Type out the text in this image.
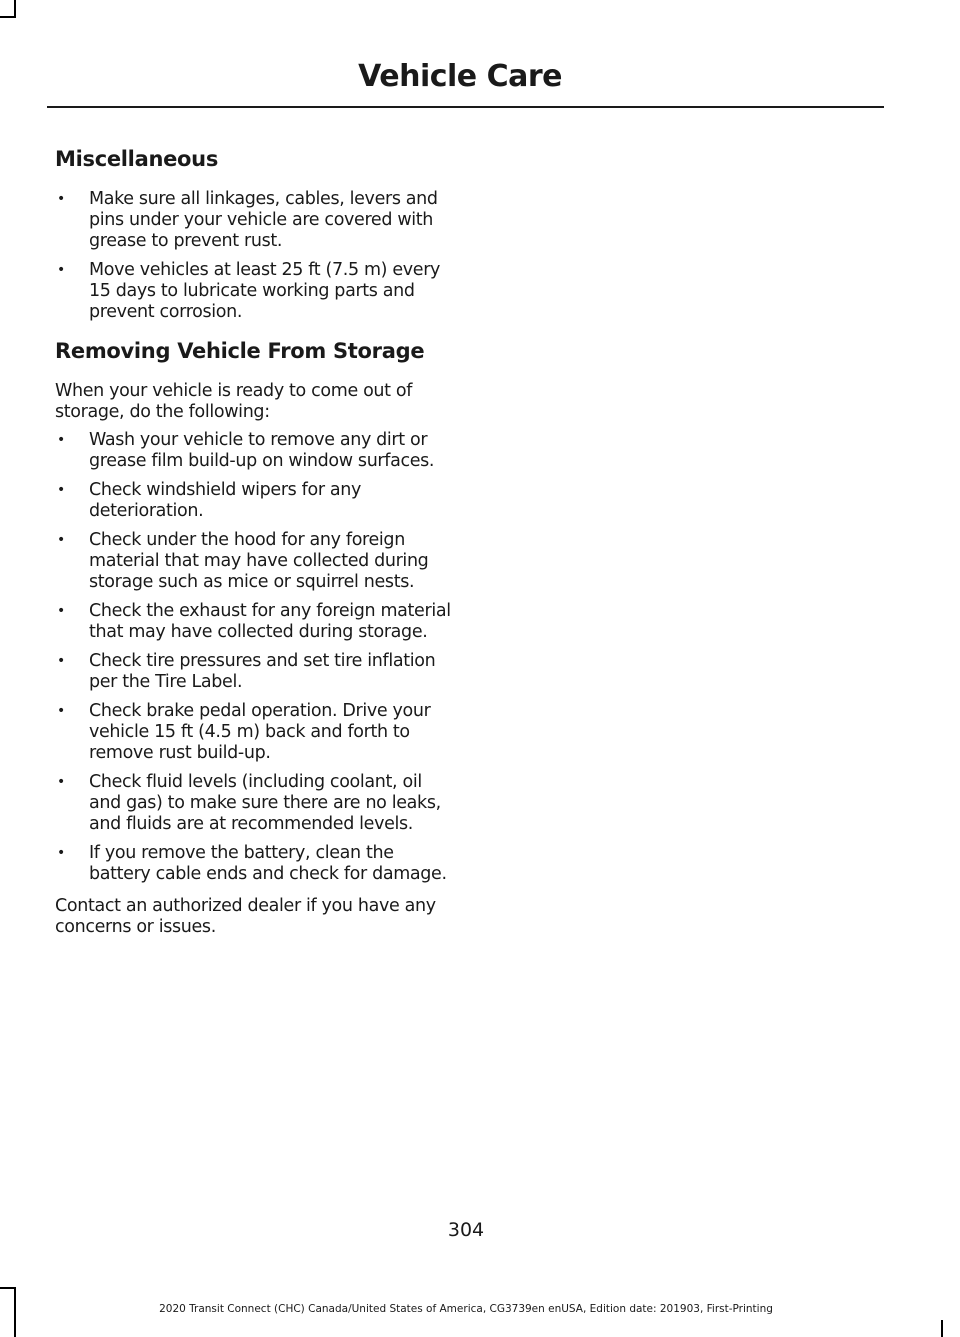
Vehicle Care
Miscellaneous
• Make sure all linkages, cables, levers and pins under your vehicle are covered with grease to prevent rust.
• Move vehicles at least 25 ft (7.5 m) every 15 days to lubricate working parts and prevent corrosion.
Removing Vehicle From Storage

When your vehicle is ready to come out of storage, do the following:

• Wash your vehicle to remove any dirt or grease film build-up on window surfaces.
• Check windshield wipers for any deterioration.
• Check under the hood for any foreign material that may have collected during storage such as mice or squirrel nests.
• Check the exhaust for any foreign material that may have collected during storage.
• Check tire pressures and set tire inflation per the Tire Label.
• Check brake pedal operation. Drive your vehicle 15 ft (4.5 m) back and forth to remove rust build-up.
• Check fluid levels (including coolant, oil and gas) to make sure there are no leaks, and fluids are at recommended levels.
• If you remove the battery, clean the battery cable ends and check for damage.

Contact an authorized dealer if you have any concerns or issues.

304
2020 Transit Connect (CHC) Canada/United States of America, CG3739en enUSA, Edition date: 201903, First-Printing
